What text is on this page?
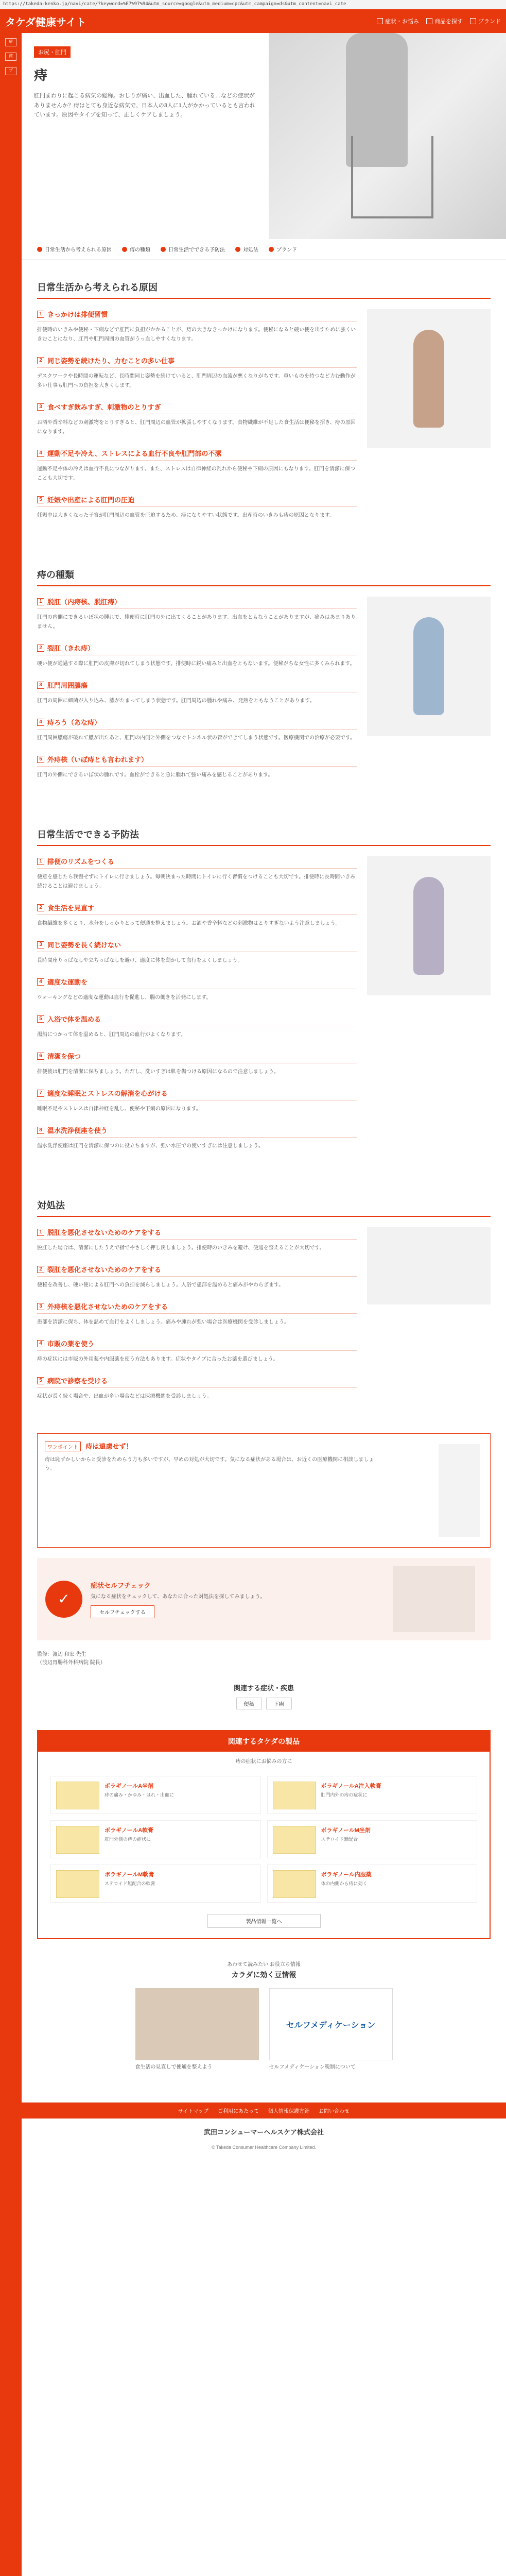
https://takeda-kenko.jp/navi/cate/?keyword=%E7%97%94&utm_source=google&utm_medium=cpc&utm_campaign=ds&utm_content=navi_cate
タケダ健康サイト	症状・お悩み	商品を探す	ブランド
症
商
ブ
お尻・肛門
痔

肛門まわりに起こる病気の総称。おしりが痛い、出血した、腫れている…などの症状がありませんか？痔はとても身近な病気で、日本人の3人に1人がかかっているとも言われています。原因やタイプを知って、正しくケアしましょう。

日常生活から考えられる原因	痔の種類	日常生活でできる予防法	対処法	ブランド
日常生活から考えられる原因
1 きっかけは排便習慣

排便時のいきみや便秘・下痢などで肛門に負担がかかることが、痔の大きなきっかけになります。便秘になると硬い便を出すために強くいきむことになり、肛門や肛門周囲の血管がうっ血しやすくなります。

2 同じ姿勢を続けたり、力むことの多い仕事

デスクワークや長時間の運転など、長時間同じ姿勢を続けていると、肛門周辺の血流が悪くなりがちです。重いものを持つなど力む動作が多い仕事も肛門への負担を大きくします。

3 食べすぎ飲みすぎ、刺激物のとりすぎ

お酒や香辛料などの刺激物をとりすぎると、肛門周辺の血管が拡張しやすくなります。食物繊維が不足した食生活は便秘を招き、痔の原因になります。

4 運動不足や冷え、ストレスによる血行不良や肛門部の不潔

運動不足や体の冷えは血行不良につながります。また、ストレスは自律神経の乱れから便秘や下痢の原因にもなります。肛門を清潔に保つことも大切です。

5 妊娠や出産による肛門の圧迫

妊娠中は大きくなった子宮が肛門周辺の血管を圧迫するため、痔になりやすい状態です。出産時のいきみも痔の原因となります。

痔の種類
1 脱肛（内痔核、脱肛痔）

肛門の内側にできるいぼ状の腫れで、排便時に肛門の外に出てくることがあります。出血をともなうことがありますが、痛みはあまりありません。

2 裂肛（きれ痔）

硬い便が通過する際に肛門の皮膚が切れてしまう状態です。排便時に鋭い痛みと出血をともないます。便秘がちな女性に多くみられます。

3 肛門周囲膿瘍

肛門の周囲に細菌が入り込み、膿がたまってしまう状態です。肛門周辺の腫れや痛み、発熱をともなうことがあります。

4 痔ろう（あな痔）

肛門周囲膿瘍が破れて膿が出たあと、肛門の内側と外側をつなぐトンネル状の管ができてしまう状態です。医療機関での治療が必要です。

5 外痔核（いぼ痔とも言われます）

肛門の外側にできるいぼ状の腫れです。血栓ができると急に腫れて強い痛みを感じることがあります。

日常生活でできる予防法
1 排便のリズムをつくる

便意を感じたら我慢せずにトイレに行きましょう。毎朝決まった時間にトイレに行く習慣をつけることも大切です。排便時に長時間いきみ続けることは避けましょう。

2 食生活を見直す

食物繊維を多くとり、水分をしっかりとって便通を整えましょう。お酒や香辛料などの刺激物はとりすぎないよう注意しましょう。

3 同じ姿勢を長く続けない

長時間座りっぱなしや立ちっぱなしを避け、適度に体を動かして血行をよくしましょう。

4 適度な運動を

ウォーキングなどの適度な運動は血行を促進し、腸の働きを活発にします。

5 入浴で体を温める

湯船につかって体を温めると、肛門周辺の血行がよくなります。

6 清潔を保つ

排便後は肛門を清潔に保ちましょう。ただし、洗いすぎは肌を傷つける原因になるので注意しましょう。

7 適度な睡眠とストレスの解消を心がける

睡眠不足やストレスは自律神経を乱し、便秘や下痢の原因になります。

8 温水洗浄便座を使う

温水洗浄便座は肛門を清潔に保つのに役立ちますが、強い水圧での使いすぎには注意しましょう。

対処法
1 脱肛を悪化させないためのケアをする

脱肛した場合は、清潔にしたうえで指でやさしく押し戻しましょう。排便時のいきみを避け、便通を整えることが大切です。

2 裂肛を悪化させないためのケアをする

便秘を改善し、硬い便による肛門への負担を減らしましょう。入浴で患部を温めると痛みがやわらぎます。

3 外痔核を悪化させないためのケアをする

患部を清潔に保ち、体を温めて血行をよくしましょう。痛みや腫れが強い場合は医療機関を受診しましょう。

4 市販の薬を使う

痔の症状には市販の外用薬や内服薬を使う方法もあります。症状やタイプに合ったお薬を選びましょう。

5 病院で診察を受ける

症状が長く続く場合や、出血が多い場合などは医療機関を受診しましょう。

ワンポイント 痔は遠慮せず！

痔は恥ずかしいからと受診をためらう方も多いですが、早めの対処が大切です。気になる症状がある場合は、お近くの医療機関に相談しましょう。

✓
症状セルフチェック
気になる症状をチェックして、あなたに合った対処法を探してみましょう。
セルフチェックする
監修：渡辺 和宏 先生
（渡辺胃腸科外科病院 院長）
関連する症状・疾患
便秘	下痢
関連するタケダの製品
痔の症状にお悩みの方に
ボラギノールA坐剤
痔の痛み・かゆみ・はれ・出血に
ボラギノールA注入軟膏
肛門内外の痔の症状に
ボラギノールA軟膏
肛門外側の痔の症状に
ボラギノールM坐剤
ステロイド無配合
ボラギノールM軟膏
ステロイド無配合の軟膏
ボラギノール内服薬
体の内側から痔に効く
製品情報一覧へ
あわせて読みたい お役立ち情報
カラダに効く豆情報
食生活の見直しで便通を整えよう
セルフメディケーション
セルフメディケーション税制について
サイトマップ ご利用にあたって 個人情報保護方針 お問い合わせ
武田コンシューマーヘルスケア株式会社
© Takeda Consumer Healthcare Company Limited.
